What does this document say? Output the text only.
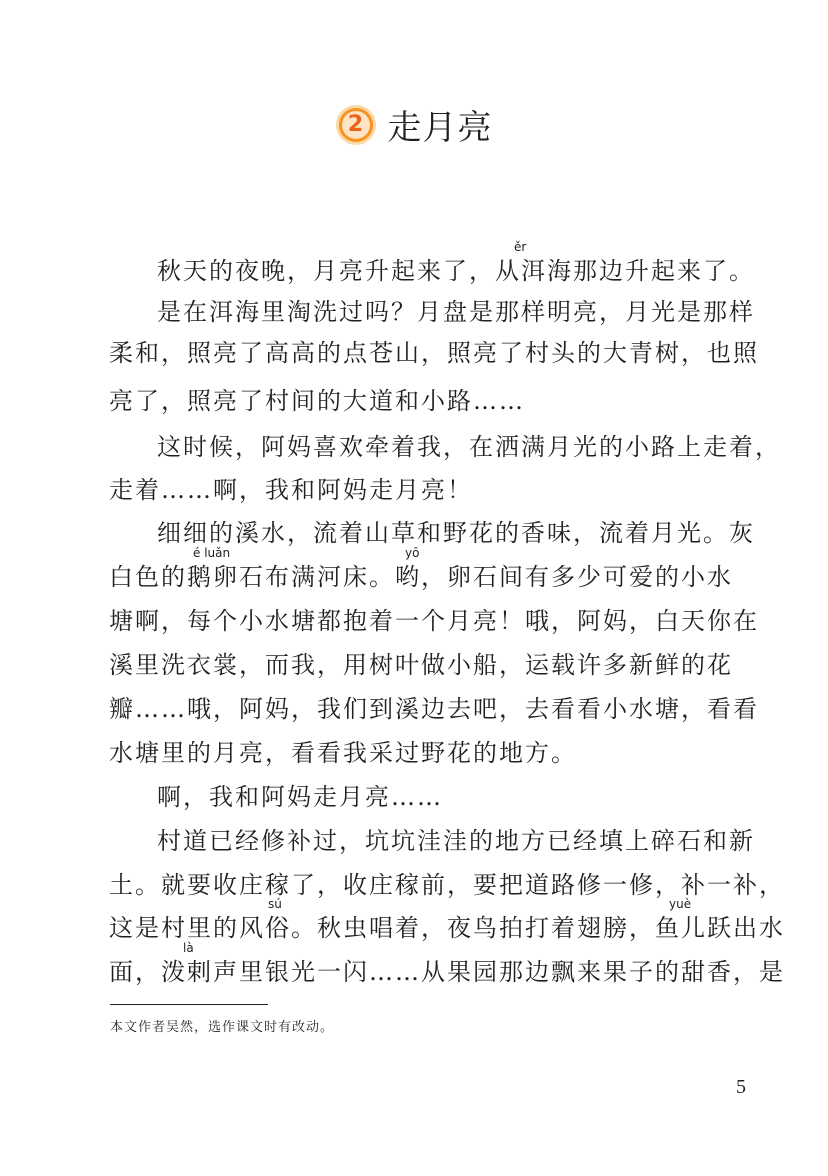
2 走月亮
秋天的夜晚，月亮升起来了，从洱海那边升起来了。
是在洱海里淘洗过吗？月盘是那样明亮，月光是那样
柔和，照亮了高高的点苍山，照亮了村头的大青树，也照
亮了，照亮了村间的大道和小路……
这时候，阿妈喜欢牵着我，在洒满月光的小路上走着，
走着……啊，我和阿妈走月亮！
细细的溪水，流着山草和野花的香味，流着月光。灰
白色的鹅卵石布满河床。哟，卵石间有多少可爱的小水
塘啊，每个小水塘都抱着一个月亮！哦，阿妈，白天你在
溪里洗衣裳，而我，用树叶做小船，运载许多新鲜的花
瓣……哦，阿妈，我们到溪边去吧，去看看小水塘，看看
水塘里的月亮，看看我采过野花的地方。
啊，我和阿妈走月亮……
村道已经修补过，坑坑洼洼的地方已经填上碎石和新
土。就要收庄稼了，收庄稼前，要把道路修一修，补一补，
这是村里的风俗。秋虫唱着，夜鸟拍打着翅膀，鱼儿跃出水
面，泼剌声里银光一闪……从果园那边飘来果子的甜香，是
ěr
é luǎn	yō
sú	yuè
là
本文作者吴然，选作课文时有改动。
5
